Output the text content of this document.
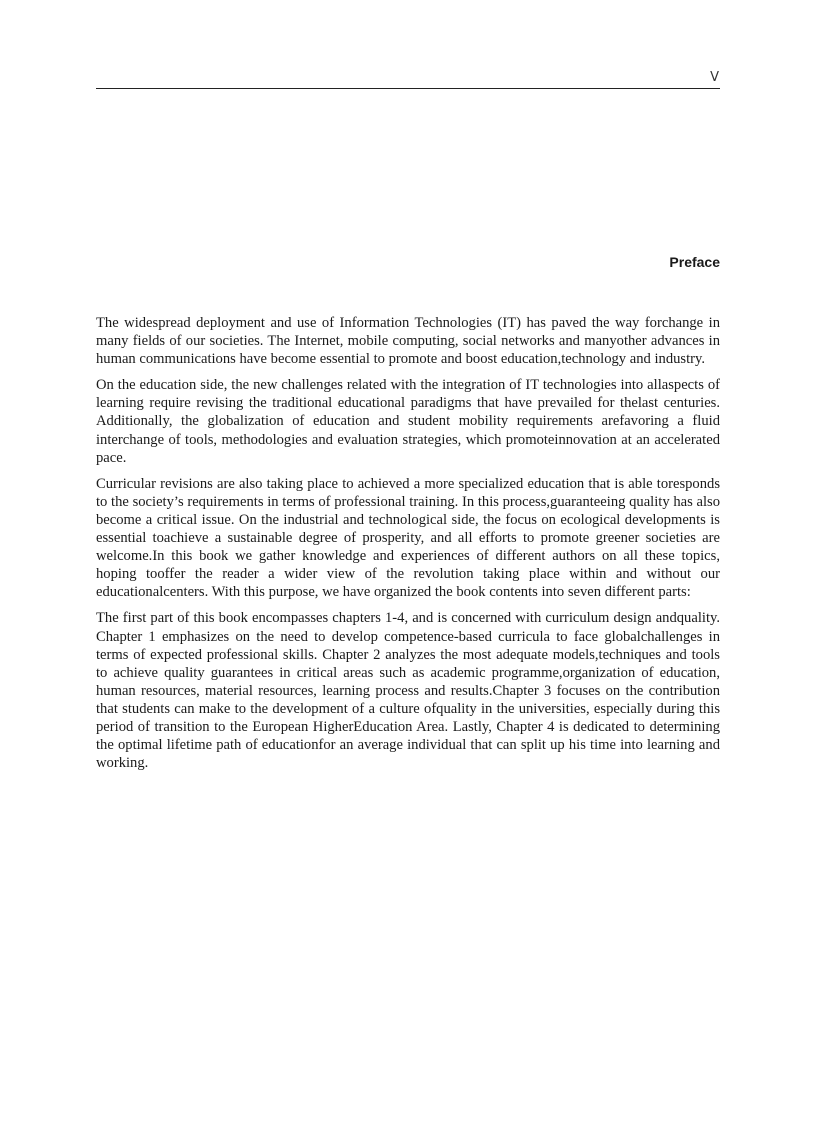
V
Preface

The widespread deployment and use of Information Technologies (IT) has paved the way forchange in many fields of our societies. The Internet, mobile computing, social networks and manyother advances in human communications have become essential to promote and boost education,technology and industry.

On the education side, the new challenges related with the integration of IT technologies into allaspects of learning require revising the traditional educational paradigms that have prevailed for thelast centuries. Additionally, the globalization of education and student mobility requirements arefavoring a fluid interchange of tools, methodologies and evaluation strategies, which promoteinnovation at an accelerated pace.

Curricular revisions are also taking place to achieved a more specialized education that is able toresponds to the society’s requirements in terms of professional training. In this process,guaranteeing quality has also become a critical issue. On the industrial and technological side, the focus on ecological developments is essential toachieve a sustainable degree of prosperity, and all efforts to promote greener societies are welcome.In this book we gather knowledge and experiences of different authors on all these topics, hoping tooffer the reader a wider view of the revolution taking place within and without our educationalcenters. With this purpose, we have organized the book contents into seven different parts:

The first part of this book encompasses chapters 1-4, and is concerned with curriculum design andquality. Chapter 1 emphasizes on the need to develop competence-based curricula to face globalchallenges in terms of expected professional skills. Chapter 2 analyzes the most adequate models,techniques and tools to achieve quality guarantees in critical areas such as academic programme,organization of education, human resources, material resources, learning process and results.Chapter 3 focuses on the contribution that students can make to the development of a culture ofquality in the universities, especially during this period of transition to the European HigherEducation Area. Lastly, Chapter 4 is dedicated to determining the optimal lifetime path of educationfor an average individual that can split up his time into learning and working.
